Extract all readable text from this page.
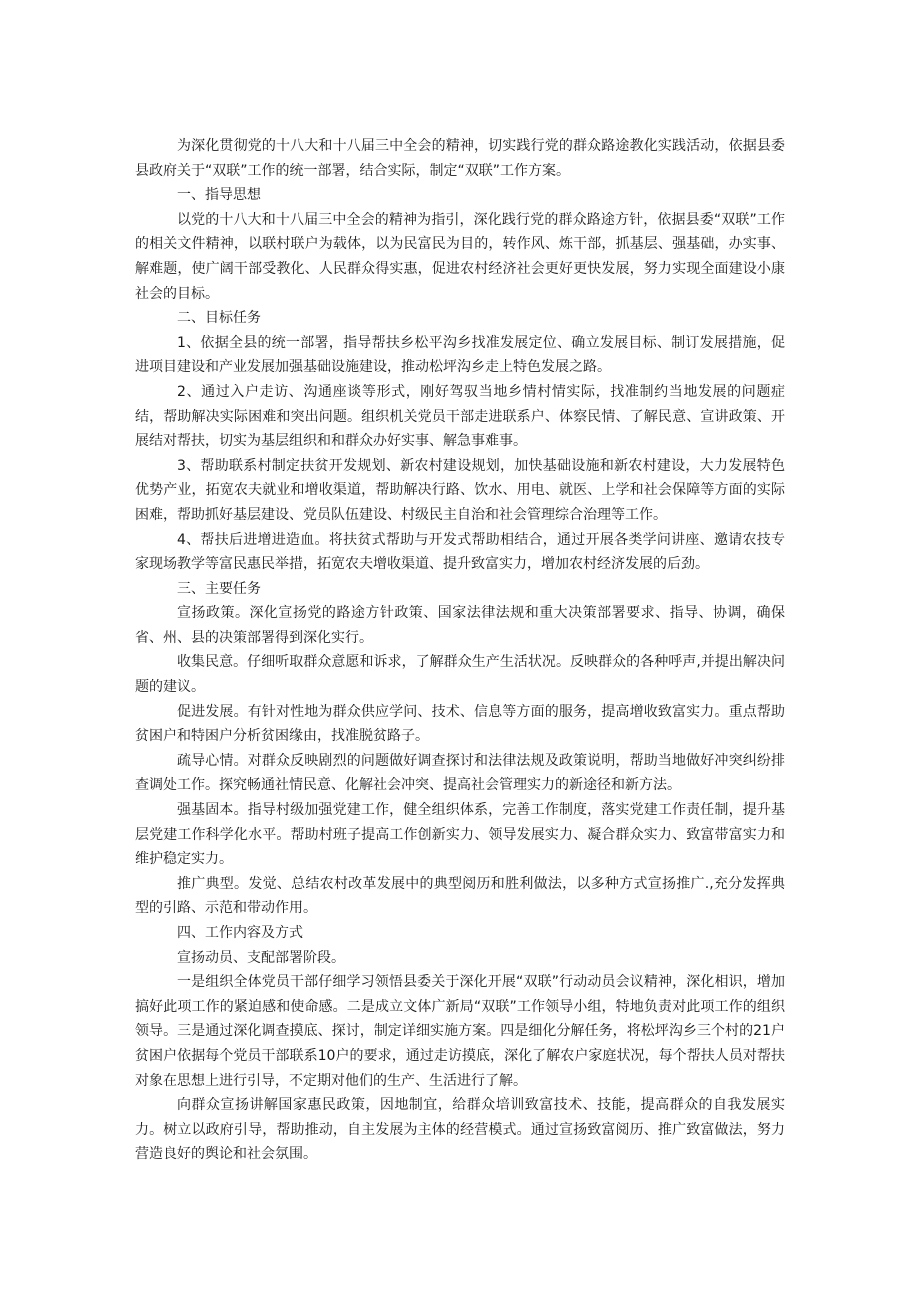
为深化贯彻党的十八大和十八届三中全会的精神，切实践行党的群众路途教化实践活动，依据县委县政府关于“双联”工作的统一部署，结合实际，制定“双联”工作方案。

一、指导思想

以党的十八大和十八届三中全会的精神为指引，深化践行党的群众路途方针，依据县委“双联”工作的相关文件精神，以联村联户为载体，以为民富民为目的，转作风、炼干部，抓基层、强基础，办实事、解难题，使广阔干部受教化、人民群众得实惠，促进农村经济社会更好更快发展，努力实现全面建设小康社会的目标。

二、目标任务

1、依据全县的统一部署，指导帮扶乡松平沟乡找准发展定位、确立发展目标、制订发展措施，促进项目建设和产业发展加强基础设施建设，推动松坪沟乡走上特色发展之路。

2、通过入户走访、沟通座谈等形式，刚好驾驭当地乡情村情实际，找准制约当地发展的问题症结，帮助解决实际困难和突出问题。组织机关党员干部走进联系户、体察民情、了解民意、宣讲政策、开展结对帮扶，切实为基层组织和和群众办好实事、解急事难事。

3、帮助联系村制定扶贫开发规划、新农村建设规划，加快基础设施和新农村建设，大力发展特色优势产业，拓宽农夫就业和增收渠道，帮助解决行路、饮水、用电、就医、上学和社会保障等方面的实际困难，帮助抓好基层建设、党员队伍建设、村级民主自治和社会管理综合治理等工作。

4、帮扶后进增进造血。将扶贫式帮助与开发式帮助相结合，通过开展各类学问讲座、邀请农技专家现场教学等富民惠民举措，拓宽农夫增收渠道、提升致富实力，增加农村经济发展的后劲。

三、主要任务

宣扬政策。深化宣扬党的路途方针政策、国家法律法规和重大决策部署要求、指导、协调，确保省、州、县的决策部署得到深化实行。

收集民意。仔细听取群众意愿和诉求，了解群众生产生活状况。反映群众的各种呼声,并提出解决问题的建议。

促进发展。有针对性地为群众供应学问、技术、信息等方面的服务，提高增收致富实力。重点帮助贫困户和特困户分析贫困缘由，找准脱贫路子。

疏导心情。对群众反映剧烈的问题做好调查探讨和法律法规及政策说明，帮助当地做好冲突纠纷排查调处工作。探究畅通社情民意、化解社会冲突、提高社会管理实力的新途径和新方法。

强基固本。指导村级加强党建工作，健全组织体系，完善工作制度，落实党建工作责任制，提升基层党建工作科学化水平。帮助村班子提高工作创新实力、领导发展实力、凝合群众实力、致富带富实力和维护稳定实力。

推广典型。发觉、总结农村改革发展中的典型阅历和胜利做法，以多种方式宣扬推广.,充分发挥典型的引路、示范和带动作用。

四、工作内容及方式

宣扬动员、支配部署阶段。

一是组织全体党员干部仔细学习领悟县委关于深化开展“双联”行动动员会议精神，深化相识，增加搞好此项工作的紧迫感和使命感。二是成立文体广新局“双联”工作领导小组，特地负责对此项工作的组织领导。三是通过深化调查摸底、探讨，制定详细实施方案。四是细化分解任务，将松坪沟乡三个村的21户贫困户依据每个党员干部联系10户的要求，通过走访摸底，深化了解农户家庭状况，每个帮扶人员对帮扶对象在思想上进行引导，不定期对他们的生产、生活进行了解。

向群众宣扬讲解国家惠民政策，因地制宜，给群众培训致富技术、技能，提高群众的自我发展实力。树立以政府引导，帮助推动，自主发展为主体的经营模式。通过宣扬致富阅历、推广致富做法，努力营造良好的舆论和社会氛围。
